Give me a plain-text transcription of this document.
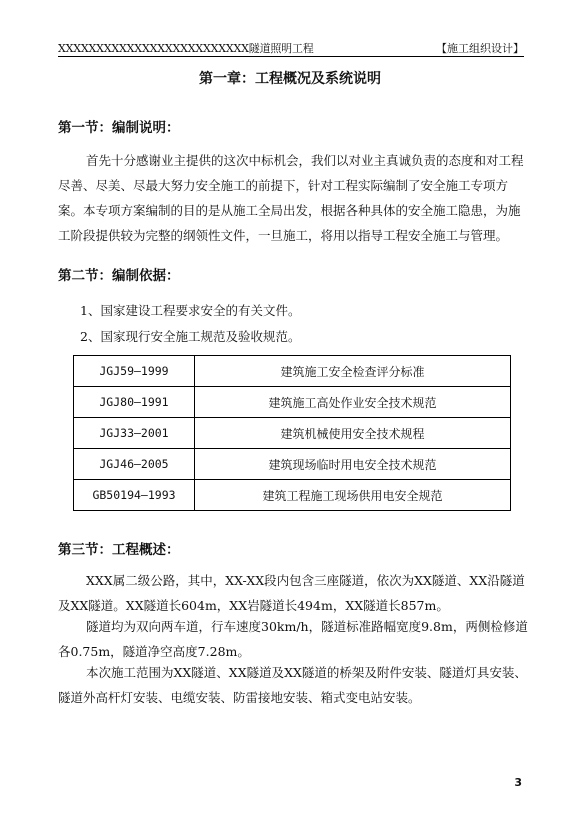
XXXXXXXXXXXXXXXXXXXXXXXXX隧道照明工程	【施工组织设计】
第一章：工程概况及系统说明
第一节：编制说明：
首先十分感谢业主提供的这次中标机会，我们以对业主真诚负责的态度和对工程尽善、尽美、尽最大努力安全施工的前提下，针对工程实际编制了安全施工专项方案。本专项方案编制的目的是从施工全局出发，根据各种具体的安全施工隐患，为施工阶段提供较为完整的纲领性文件，一旦施工，将用以指导工程安全施工与管理。
第二节：编制依据：
1、国家建设工程要求安全的有关文件。
2、国家现行安全施工规范及验收规范。
JGJ59—1999	建筑施工安全检查评分标准
JGJ80—1991	建筑施工高处作业安全技术规范
JGJ33—2001	建筑机械使用安全技术规程
JGJ46—2005	建筑现场临时用电安全技术规范
GB50194—1993	建筑工程施工现场供用电安全规范
第三节：工程概述：
XXX属二级公路，其中，XX-XX段内包含三座隧道，依次为XX隧道、XX沿隧道及XX隧道。XX隧道长604m，XX岩隧道长494m，XX隧道长857m。
隧道均为双向两车道，行车速度30km/h，隧道标准路幅宽度9.8m，两侧检修道各0.75m，隧道净空高度7.28m。
本次施工范围为XX隧道、XX隧道及XX隧道的桥架及附件安装、隧道灯具安装、隧道外高杆灯安装、电缆安装、防雷接地安装、箱式变电站安装。
3
